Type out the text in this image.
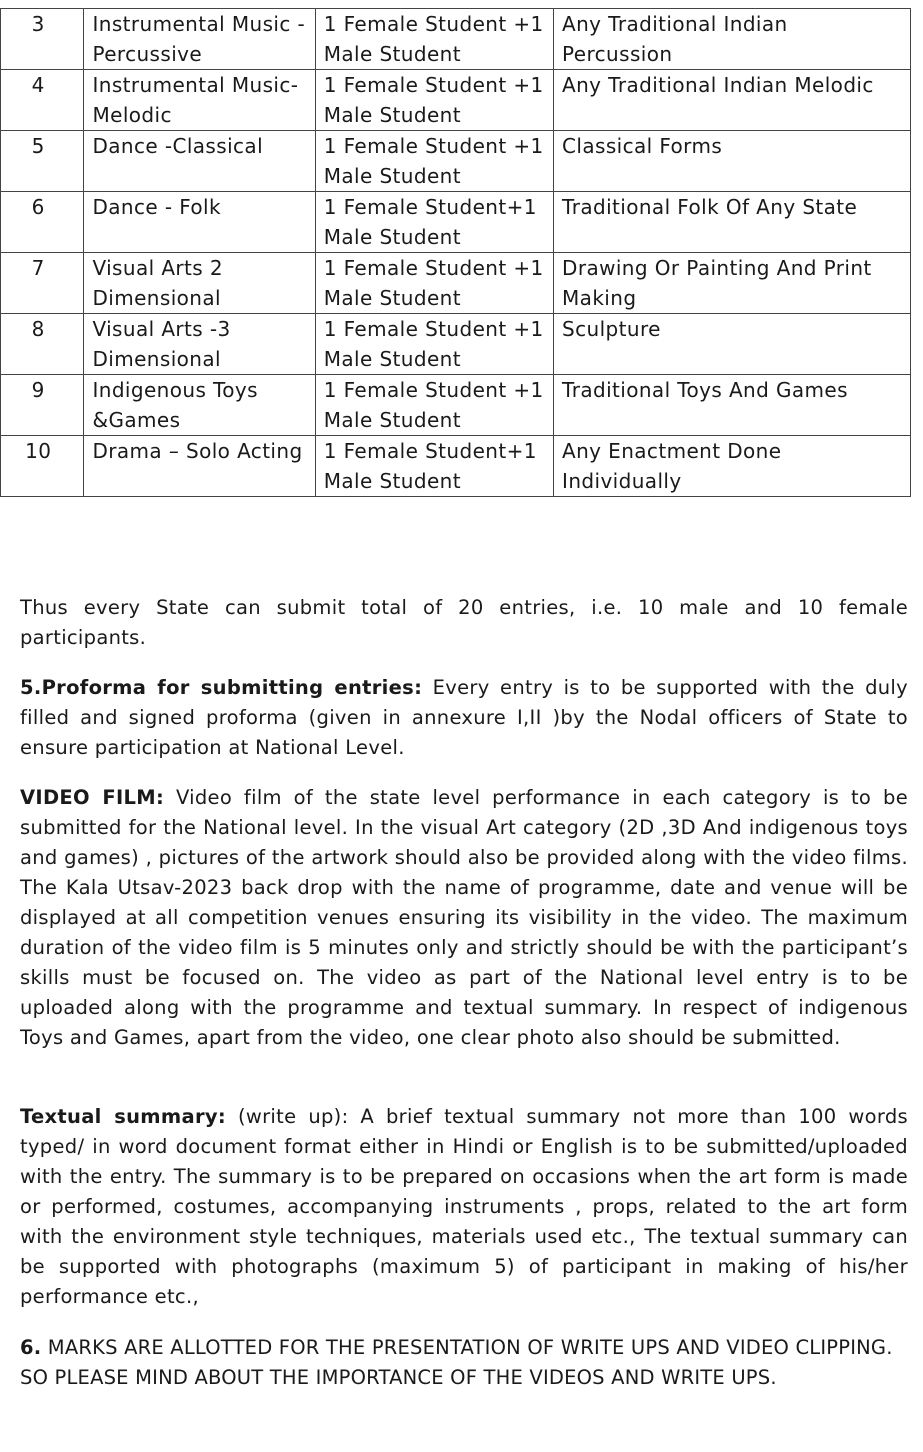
3	Instrumental Music - Percussive	1 Female Student +1 Male Student	Any Traditional Indian Percussion
4	Instrumental Music-Melodic	1 Female Student +1 Male Student	Any Traditional Indian Melodic
5	Dance -Classical	1 Female Student +1 Male Student	Classical Forms
6	Dance - Folk	1 Female Student+1 Male Student	Traditional Folk Of Any State
7	Visual Arts 2 Dimensional	1 Female Student +1 Male Student	Drawing Or Painting And Print Making
8	Visual Arts -3 Dimensional	1 Female Student +1 Male Student	Sculpture
9	Indigenous Toys &Games	1 Female Student +1 Male Student	Traditional Toys And Games
10	Drama – Solo Acting	1 Female Student+1 Male Student	Any Enactment Done Individually

Thus every State can submit total of 20 entries, i.e. 10 male and 10 female participants.

5.Proforma for submitting entries: Every entry is to be supported with the duly filled and signed proforma (given in annexure I,II )by the Nodal officers of State to ensure participation at National Level.

VIDEO FILM: Video film of the state level performance in each category is to be submitted for the National level. In the visual Art category (2D ,3D And indigenous toys and games) , pictures of the artwork should also be provided along with the video films. The Kala Utsav-2023 back drop with the name of programme, date and venue will be displayed at all competition venues ensuring its visibility in the video. The maximum duration of the video film is 5 minutes only and strictly should be with the participant’s skills must be focused on. The video as part of the National level entry is to be uploaded along with the programme and textual summary. In respect of indigenous Toys and Games, apart from the video, one clear photo also should be submitted.

Textual summary: (write up): A brief textual summary not more than 100 words typed/ in word document format either in Hindi or English is to be submitted/uploaded with the entry. The summary is to be prepared on occasions when the art form is made or performed, costumes, accompanying instruments , props, related to the art form with the environment style techniques, materials used etc., The textual summary can be supported with photographs (maximum 5) of participant in making of his/her performance etc.,

6. MARKS ARE ALLOTTED FOR THE PRESENTATION OF WRITE UPS AND VIDEO CLIPPING. SO PLEASE MIND ABOUT THE IMPORTANCE OF THE VIDEOS AND WRITE UPS.
